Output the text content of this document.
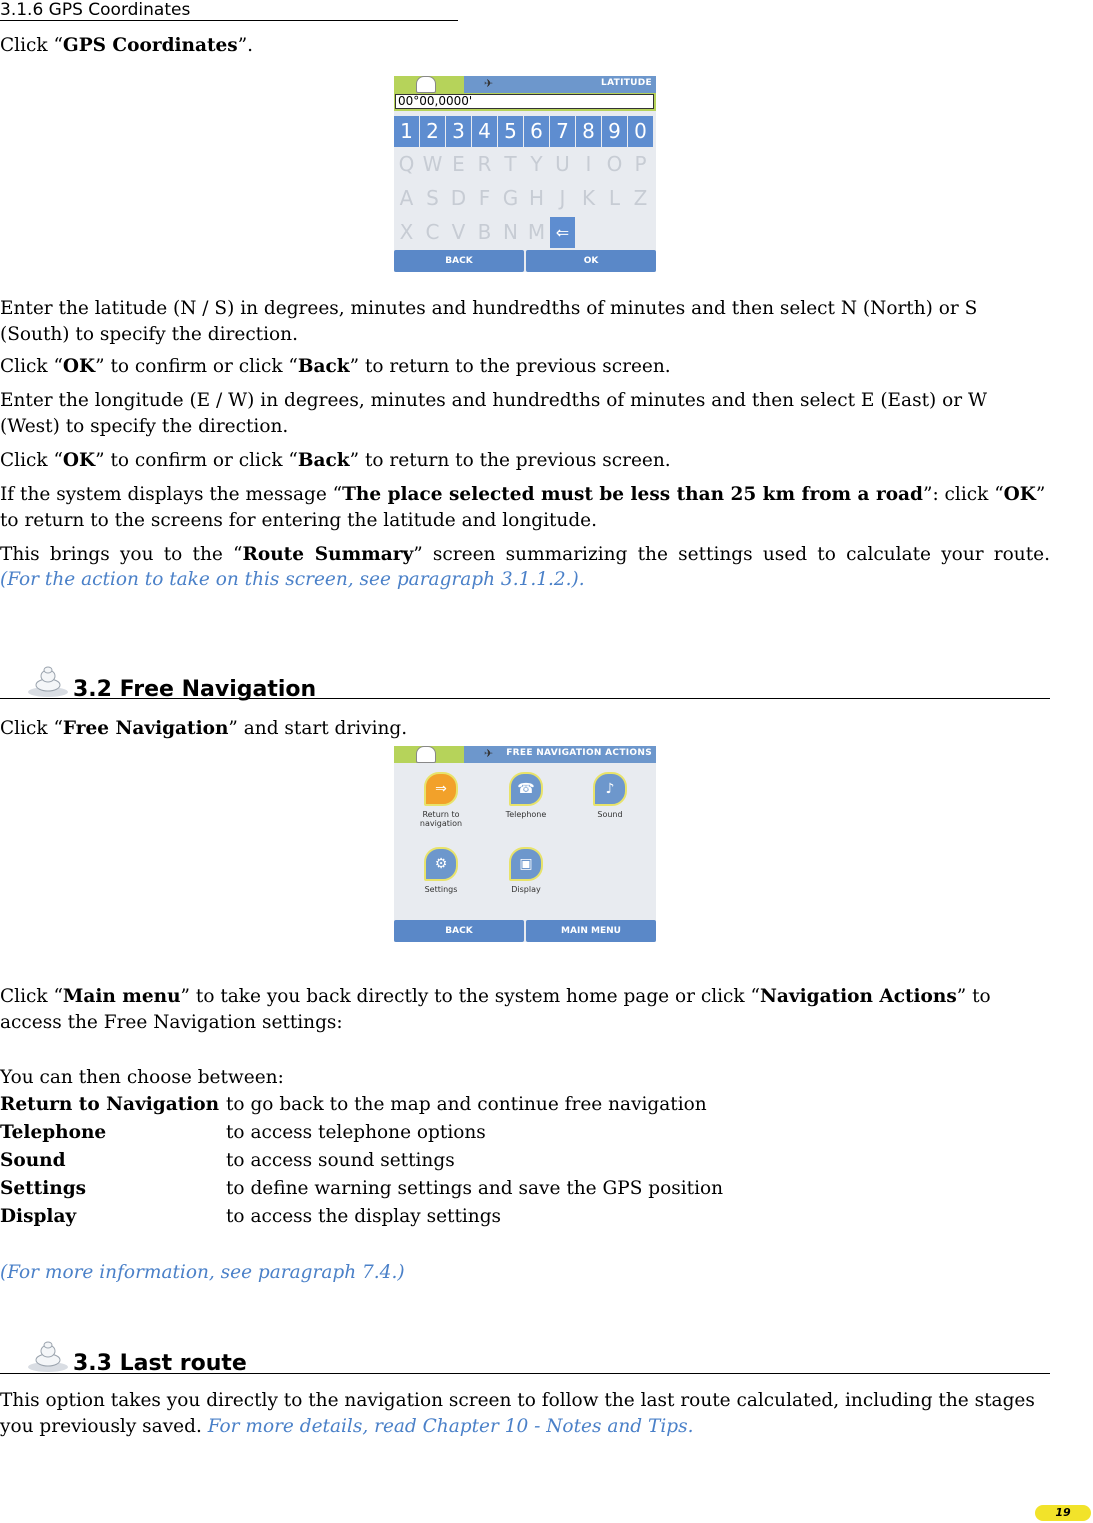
3.1.6 GPS Coordinates

Click “GPS Coordinates”.

✈	LATITUDE
00°00,0000'
1 2 3 4 5 6 7 8 9 0
Q W E R T Y U I O P
A S D F G H J K L Z
X C V B N M ⇐
BACK	OK

Enter the latitude (N / S) in degrees, minutes and hundredths of minutes and then select N (North) or S (South) to specify the direction.

Click “OK” to confirm or click “Back” to return to the previous screen.

Enter the longitude (E / W) in degrees, minutes and hundredths of minutes and then select E (East) or W (West) to specify the direction.

Click “OK” to confirm or click “Back” to return to the previous screen.

If the system displays the message “The place selected must be less than 25 km from a road”: click “OK” to return to the screens for entering the latitude and longitude.

This brings you to the “Route Summary” screen summarizing the settings used to calculate your route.

(For the action to take on this screen, see paragraph 3.1.1.2.).

3.2 Free Navigation

Click “Free Navigation” and start driving.

✈ FREE NAVIGATION ACTIONS
⇒
Return to navigation
☎
Telephone
♪
Sound
⚙
Settings
▣
Display
BACK	MAIN MENU

Click “Main menu” to take you back directly to the system home page or click “Navigation Actions” to access the Free Navigation settings:

You can then choose between:

Return to Navigation to go back to the map and continue free navigation
Telephone	to access telephone options
Sound	to access sound settings
Settings	to define warning settings and save the GPS position
Display	to access the display settings

(For more information, see paragraph 7.4.)

3.3 Last route

This option takes you directly to the navigation screen to follow the last route calculated, including the stages you previously saved. For more details, read Chapter 10 - Notes and Tips.

19
